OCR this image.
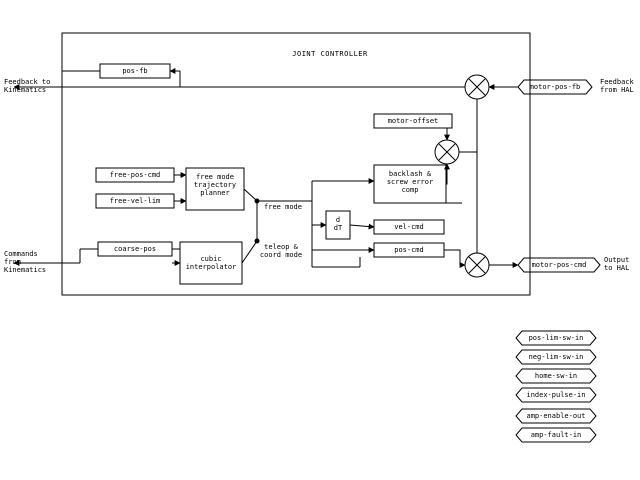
JOINT CONTROLLER
Feedback to
Kinematics
Feedback
from HAL
Commands
from
Kinematics
Output
to HAL
free mode
teleop &
coord mode
pos-fb
motor-pos-fb
free-pos-cmd
free-vel-lim
motor-offset
vel-cmd
pos-cmd
coarse-pos
motor-pos-cmd
pos-lim-sw-in
neg-lim-sw-in
home-sw-in
index-pulse-in
amp-enable-out
amp-fault-in
free mode
trajectory
planner
backlash &
screw error
comp
d
dT
cubic
interpolator
